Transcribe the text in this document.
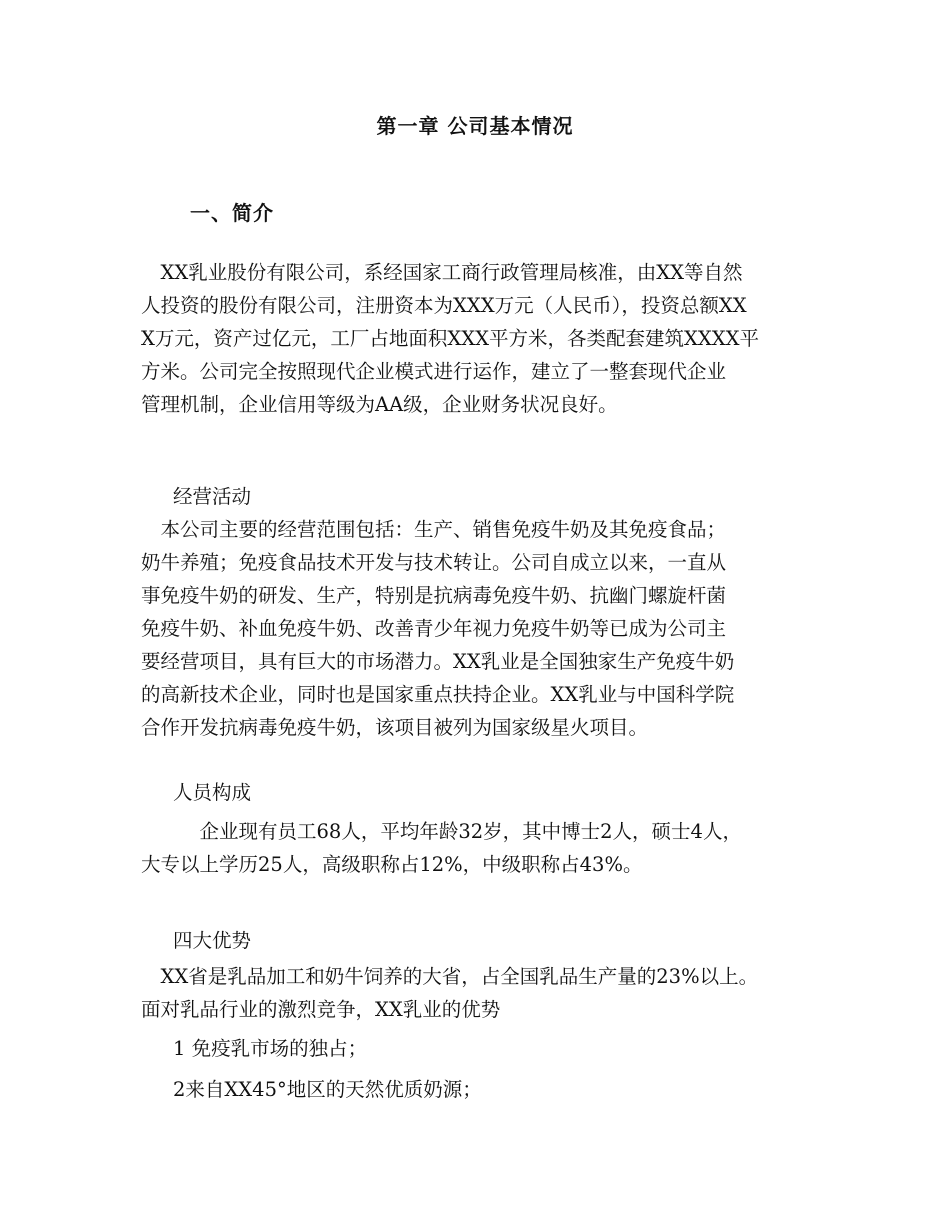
第一章 公司基本情况
一、简介
　XX乳业股份有限公司，系经国家工商行政管理局核准，由XX等自然
人投资的股份有限公司，注册资本为XXX万元（人民币），投资总额XX
X万元，资产过亿元，工厂占地面积XXX平方米，各类配套建筑XXXX平
方米。公司完全按照现代企业模式进行运作，建立了一整套现代企业
管理机制，企业信用等级为AA级，企业财务状况良好。
经营活动
　本公司主要的经营范围包括：生产、销售免疫牛奶及其免疫食品；
奶牛养殖；免疫食品技术开发与技术转让。公司自成立以来，一直从
事免疫牛奶的研发、生产，特别是抗病毒免疫牛奶、抗幽门螺旋杆菌
免疫牛奶、补血免疫牛奶、改善青少年视力免疫牛奶等已成为公司主
要经营项目，具有巨大的市场潜力。XX乳业是全国独家生产免疫牛奶
的高新技术企业，同时也是国家重点扶持企业。XX乳业与中国科学院
合作开发抗病毒免疫牛奶，该项目被列为国家级星火项目。
人员构成
　　　企业现有员工68人，平均年龄32岁，其中博士2人，硕士4人，
大专以上学历25人，高级职称占12%，中级职称占43%。
四大优势
　XX省是乳品加工和奶牛饲养的大省，占全国乳品生产量的23%以上。
面对乳品行业的激烈竞争，XX乳业的优势
1 免疫乳市场的独占；
2来自XX45°地区的天然优质奶源；
